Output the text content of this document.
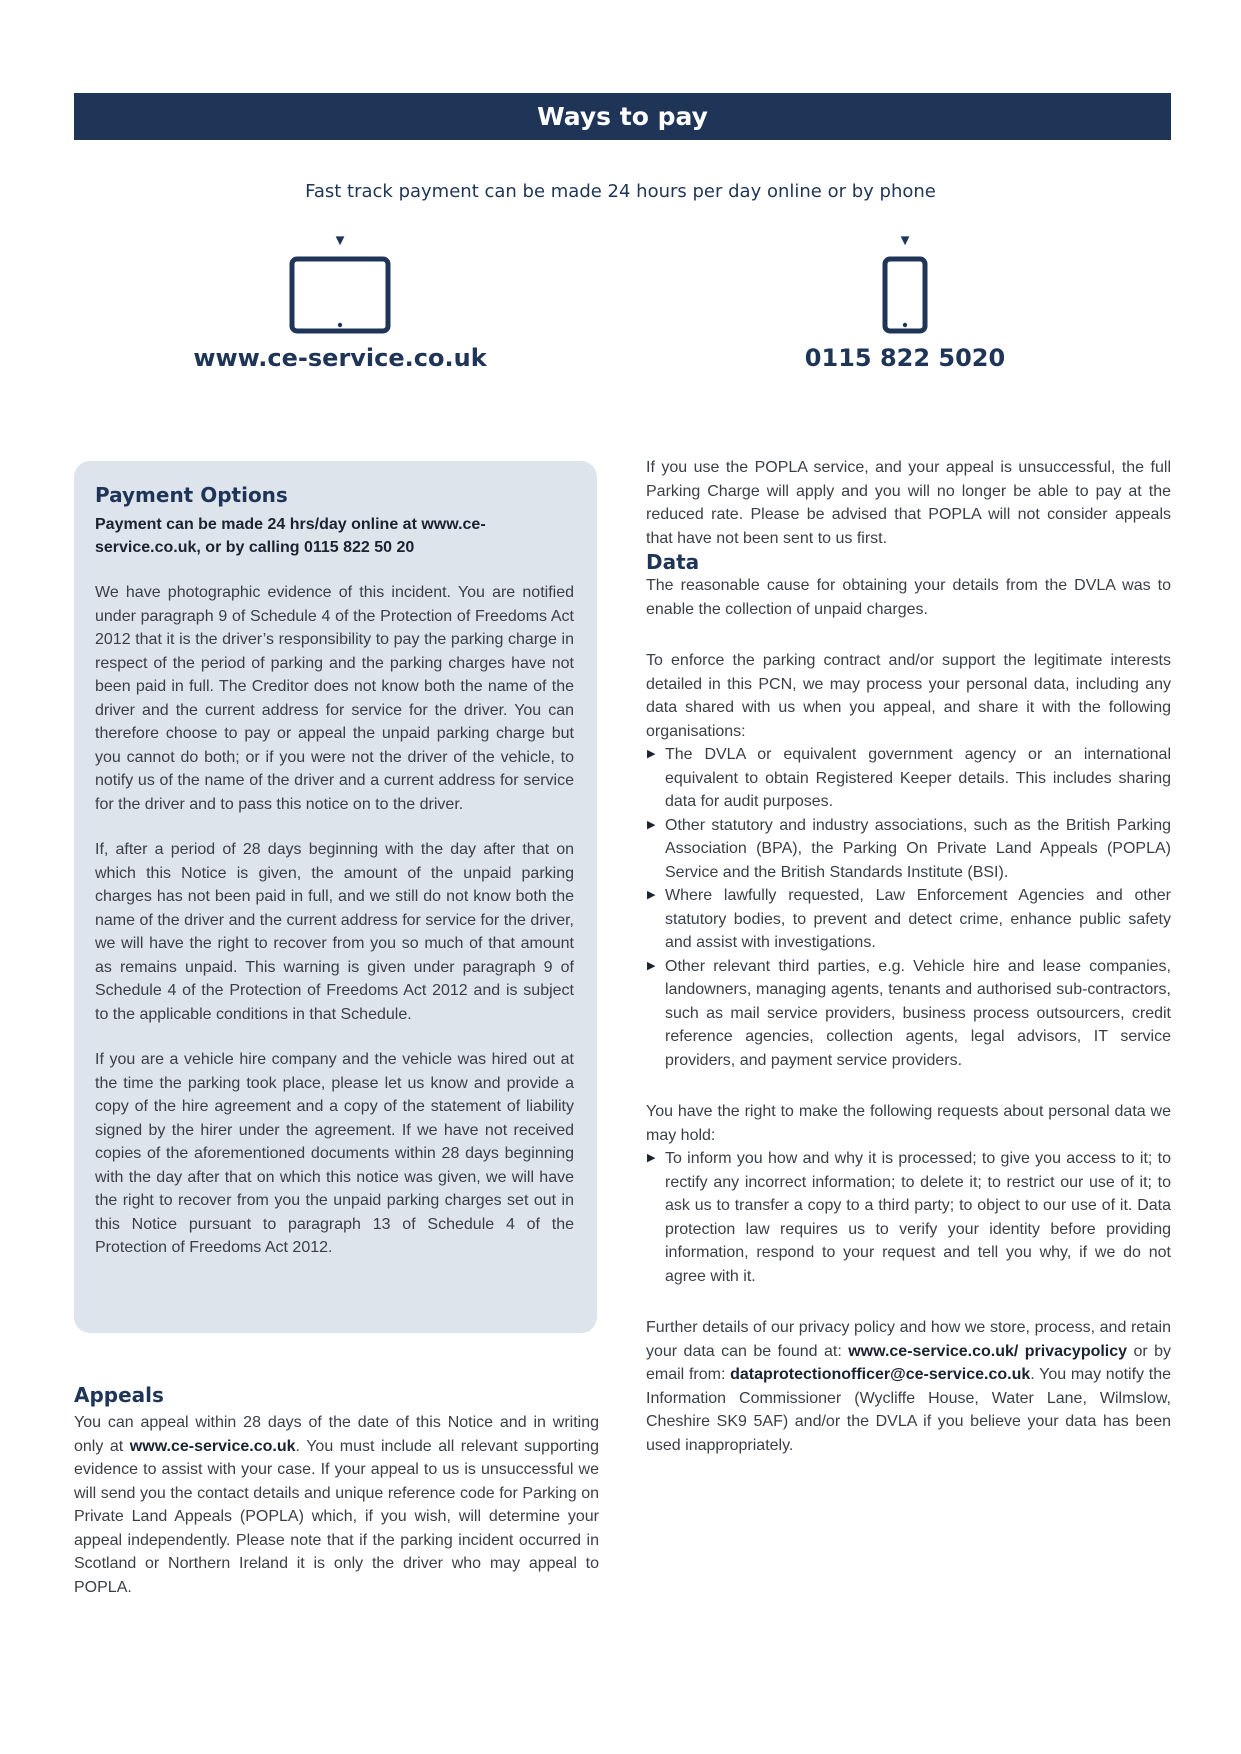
Ways to pay
Fast track payment can be made 24 hours per day online or by phone
▼
www.ce-service.co.uk
▼
0115 822 5020
Payment Options
Payment can be made 24 hrs/day online at www.ce-service.co.uk, or by calling 0115 822 50 20

We have photographic evidence of this incident. You are notified under paragraph 9 of Schedule 4 of the Protection of Freedoms Act 2012 that it is the driver’s responsibility to pay the parking charge in respect of the period of parking and the parking charges have not been paid in full. The Creditor does not know both the name of the driver and the current address for service for the driver. You can therefore choose to pay or appeal the unpaid parking charge but you cannot do both; or if you were not the driver of the vehicle, to notify us of the name of the driver and a current address for service for the driver and to pass this notice on to the driver.

If, after a period of 28 days beginning with the day after that on which this Notice is given, the amount of the unpaid parking charges has not been paid in full, and we still do not know both the name of the driver and the current address for service for the driver, we will have the right to recover from you so much of that amount as remains unpaid. This warning is given under paragraph 9 of Schedule 4 of the Protection of Freedoms Act 2012 and is subject to the applicable conditions in that Schedule.

If you are a vehicle hire company and the vehicle was hired out at the time the parking took place, please let us know and provide a copy of the hire agreement and a copy of the statement of liability signed by the hirer under the agreement. If we have not received copies of the aforementioned documents within 28 days beginning with the day after that on which this notice was given, we will have the right to recover from you the unpaid parking charges set out in this Notice pursuant to paragraph 13 of Schedule 4 of the Protection of Freedoms Act 2012.

Appeals

You can appeal within 28 days of the date of this Notice and in writing only at www.ce-service.co.uk. You must include all relevant supporting evidence to assist with your case. If your appeal to us is unsuccessful we will send you the contact details and unique reference code for Parking on Private Land Appeals (POPLA) which, if you wish, will determine your appeal independently. Please note that if the parking incident occurred in Scotland or Northern Ireland it is only the driver who may appeal to POPLA.

If you use the POPLA service, and your appeal is unsuccessful, the full Parking Charge will apply and you will no longer be able to pay at the reduced rate. Please be advised that POPLA will not consider appeals that have not been sent to us first.

Data

The reasonable cause for obtaining your details from the DVLA was to enable the collection of unpaid charges.

To enforce the parking contract and/or support the legitimate interests detailed in this PCN, we may process your personal data, including any data shared with us when you appeal, and share it with the following organisations:

▶ The DVLA or equivalent government agency or an international equivalent to obtain Registered Keeper details. This includes sharing data for audit purposes.
▶ Other statutory and industry associations, such as the British Parking Association (BPA), the Parking On Private Land Appeals (POPLA) Service and the British Standards Institute (BSI).
▶ Where lawfully requested, Law Enforcement Agencies and other statutory bodies, to prevent and detect crime, enhance public safety and assist with investigations.
▶ Other relevant third parties, e.g. Vehicle hire and lease companies, landowners, managing agents, tenants and authorised sub-contractors, such as mail service providers, business process outsourcers, credit reference agencies, collection agents, legal advisors, IT service providers, and payment service providers.

You have the right to make the following requests about personal data we may hold:

▶ To inform you how and why it is processed; to give you access to it; to rectify any incorrect information; to delete it; to restrict our use of it; to ask us to transfer a copy to a third party; to object to our use of it. Data protection law requires us to verify your identity before providing information, respond to your request and tell you why, if we do not agree with it.

Further details of our privacy policy and how we store, process, and retain your data can be found at: www.ce-service.co.uk/ privacypolicy or by email from: dataprotectionofficer@ce-service.co.uk. You may notify the Information Commissioner (Wycliffe House, Water Lane, Wilmslow, Cheshire SK9 5AF) and/or the DVLA if you believe your data has been used inappropriately.
